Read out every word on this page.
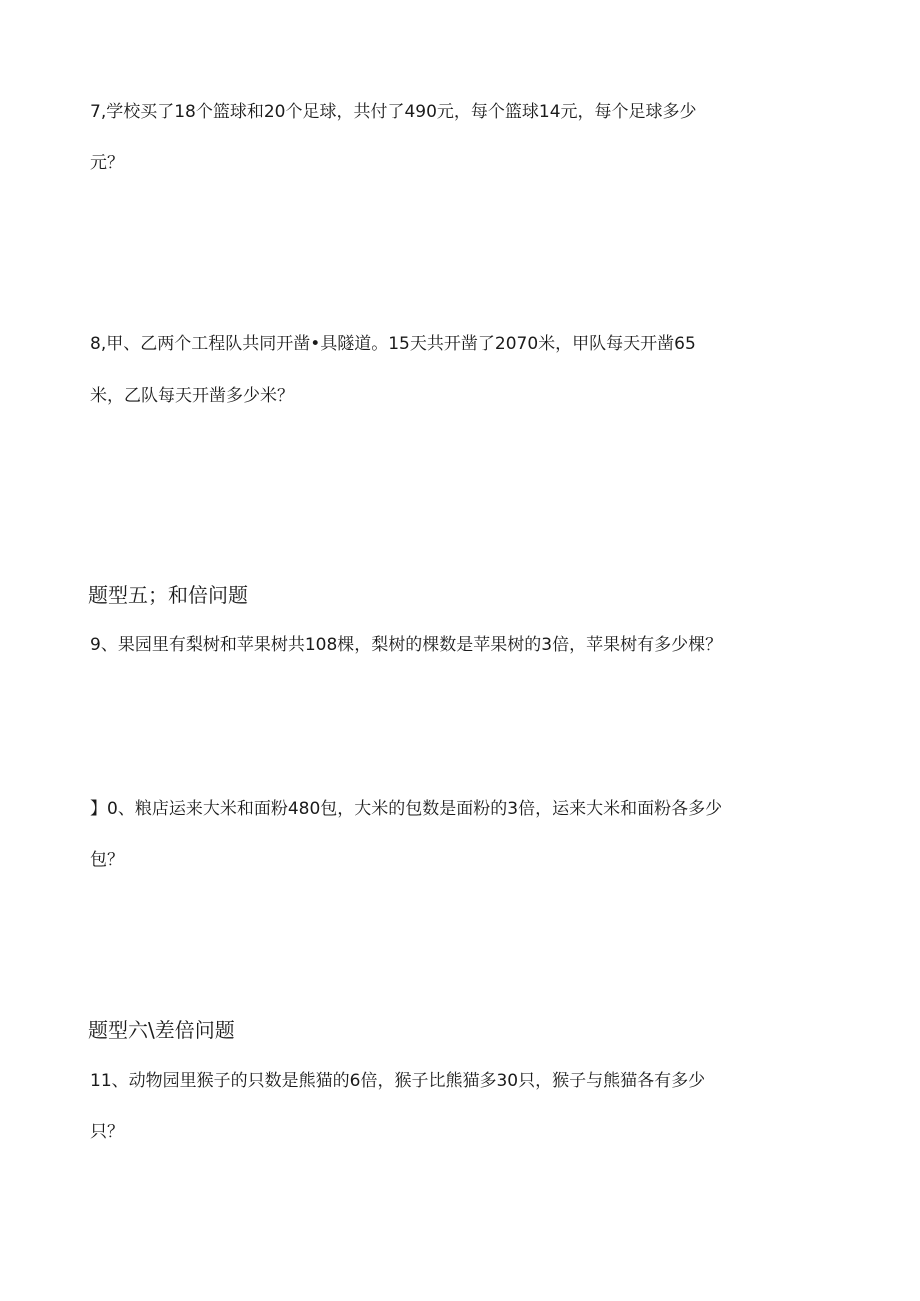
7,学校买了18个篮球和20个足球，共付了490元，每个篮球14元，每个足球多少
元？
8,甲、乙两个工程队共同开凿•具隧道。15天共开凿了2070米，甲队每天开凿65
米，乙队每天开凿多少米？
题型五；和倍问题
9、果园里有梨树和苹果树共108棵，梨树的棵数是苹果树的3倍，苹果树有多少棵？
】0、粮店运来大米和面粉480包，大米的包数是面粉的3倍，运来大米和面粉各多少
包？
题型六\差倍问题
11、动物园里猴子的只数是熊猫的6倍，猴子比熊猫多30只，猴子与熊猫各有多少
只？
